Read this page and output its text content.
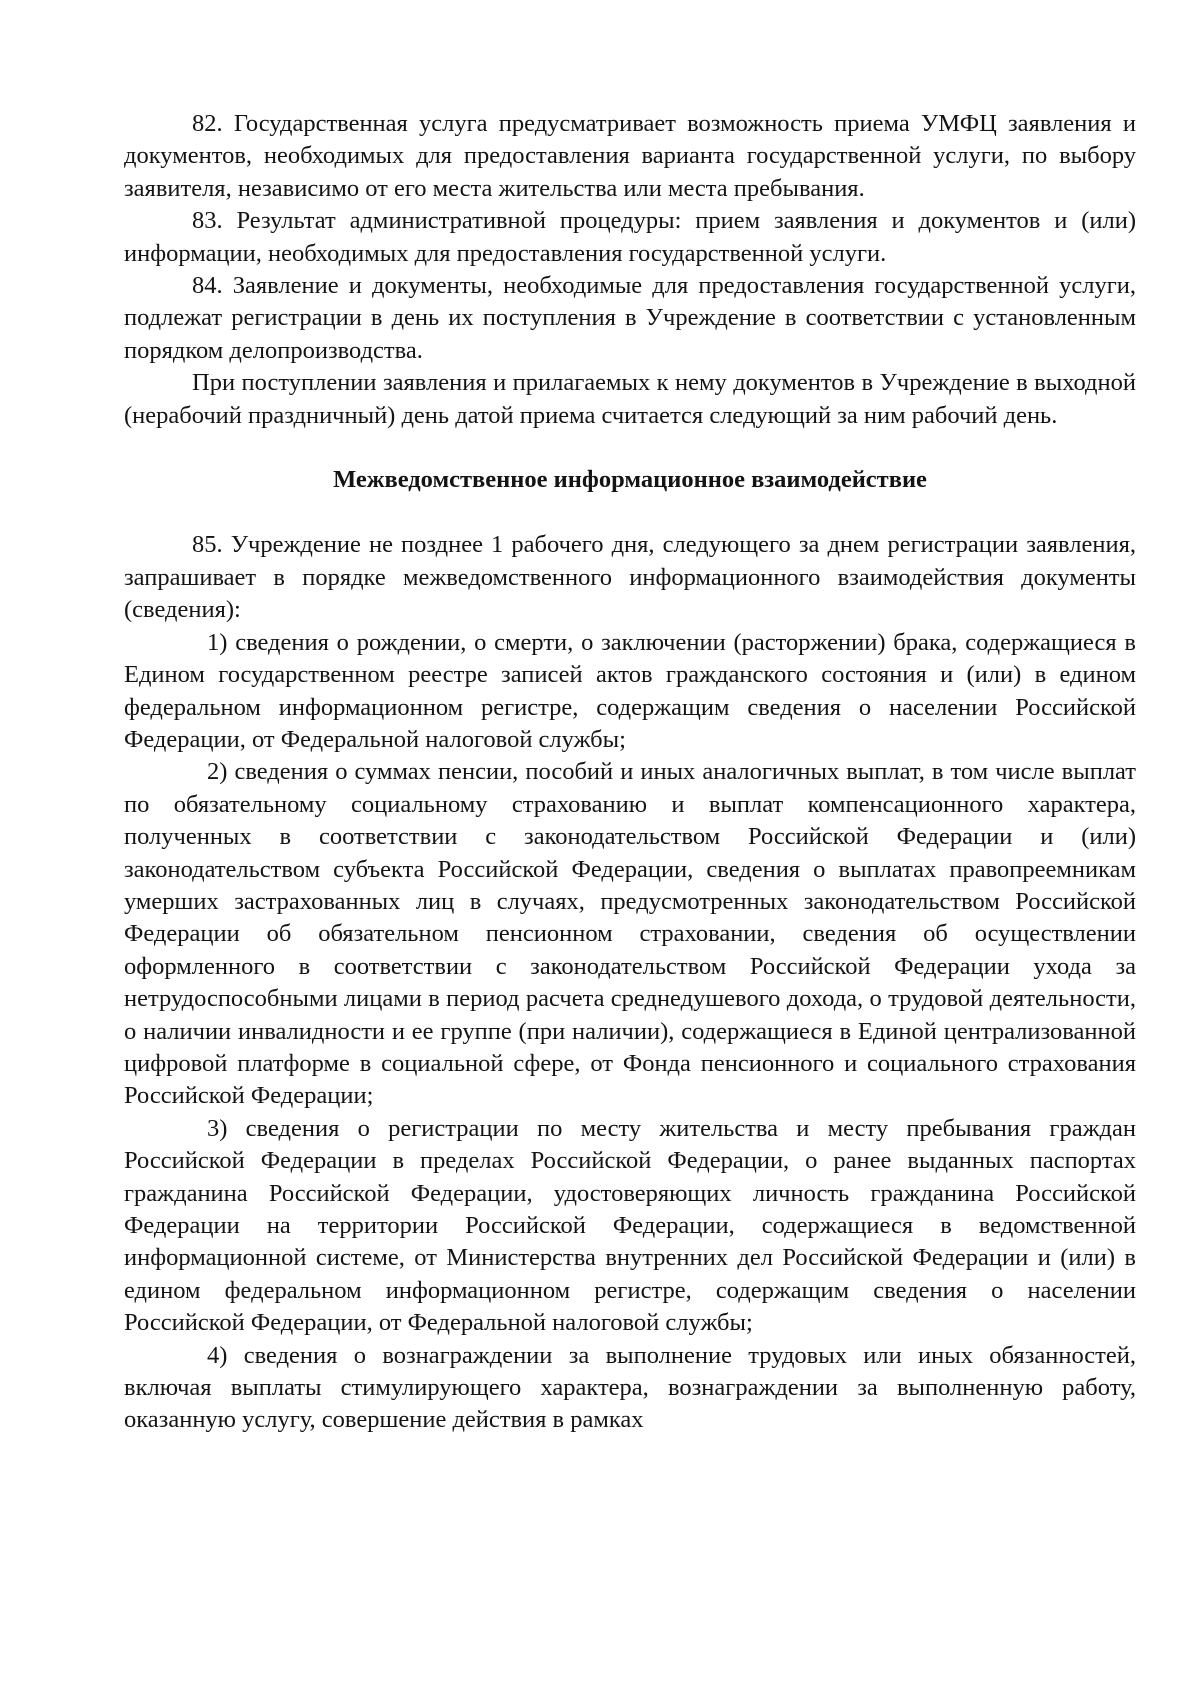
82. Государственная услуга предусматривает возможность приема УМФЦ заявления и документов, необходимых для предоставления варианта государственной услуги, по выбору заявителя, независимо от его места жительства или места пребывания.

83. Результат административной процедуры: прием заявления и документов и (или) информации, необходимых для предоставления государственной услуги.

84. Заявление и документы, необходимые для предоставления государственной услуги, подлежат регистрации в день их поступления в Учреждение в соответствии с установленным порядком делопроизводства.

При поступлении заявления и прилагаемых к нему документов в Учреждение в выходной (нерабочий праздничный) день датой приема считается следующий за ним рабочий день.

Межведомственное информационное взаимодействие

85. Учреждение не позднее 1 рабочего дня, следующего за днем регистрации заявления, запрашивает в порядке межведомственного информационного взаимодействия документы (сведения):

1) сведения о рождении, о смерти, о заключении (расторжении) брака, содержащиеся в Едином государственном реестре записей актов гражданского состояния и (или) в едином федеральном информационном регистре, содержащим сведения о населении Российской Федерации, от Федеральной налоговой службы;

2) сведения о суммах пенсии, пособий и иных аналогичных выплат, в том числе выплат по обязательному социальному страхованию и выплат компенсационного характера, полученных в соответствии с законодательством Российской Федерации и (или) законодательством субъекта Российской Федерации, сведения о выплатах правопреемникам умерших застрахованных лиц в случаях, предусмотренных законодательством Российской Федерации об обязательном пенсионном страховании, сведения об осуществлении оформленного в соответствии с законодательством Российской Федерации ухода за нетрудоспособными лицами в период расчета среднедушевого дохода, о трудовой деятельности, о наличии инвалидности и ее группе (при наличии), содержащиеся в Единой централизованной цифровой платформе в социальной сфере, от Фонда пенсионного и социального страхования Российской Федерации;

3) сведения о регистрации по месту жительства и месту пребывания граждан Российской Федерации в пределах Российской Федерации, о ранее выданных паспортах гражданина Российской Федерации, удостоверяющих личность гражданина Российской Федерации на территории Российской Федерации, содержащиеся в ведомственной информационной системе, от Министерства внутренних дел Российской Федерации и (или) в едином федеральном информационном регистре, содержащим сведения о населении Российской Федерации, от Федеральной налоговой службы;

4) сведения о вознаграждении за выполнение трудовых или иных обязанностей, включая выплаты стимулирующего характера, вознаграждении за выполненную работу, оказанную услугу, совершение действия в рамках
